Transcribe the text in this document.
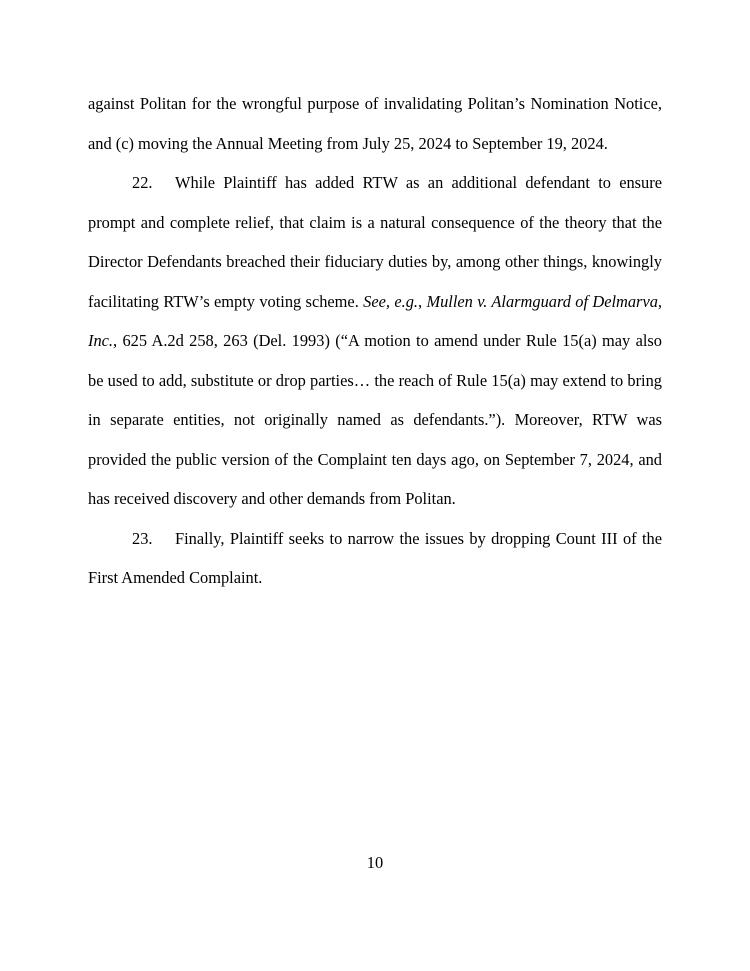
against Politan for the wrongful purpose of invalidating Politan’s Nomination Notice, and (c) moving the Annual Meeting from July 25, 2024 to September 19, 2024.

22. While Plaintiff has added RTW as an additional defendant to ensure prompt and complete relief, that claim is a natural consequence of the theory that the Director Defendants breached their fiduciary duties by, among other things, knowingly facilitating RTW’s empty voting scheme. See, e.g., Mullen v. Alarmguard of Delmarva, Inc., 625 A.2d 258, 263 (Del. 1993) (“A motion to amend under Rule 15(a) may also be used to add, substitute or drop parties… the reach of Rule 15(a) may extend to bring in separate entities, not originally named as defendants.”). Moreover, RTW was provided the public version of the Complaint ten days ago, on September 7, 2024, and has received discovery and other demands from Politan.

23. Finally, Plaintiff seeks to narrow the issues by dropping Count III of the First Amended Complaint.

10
